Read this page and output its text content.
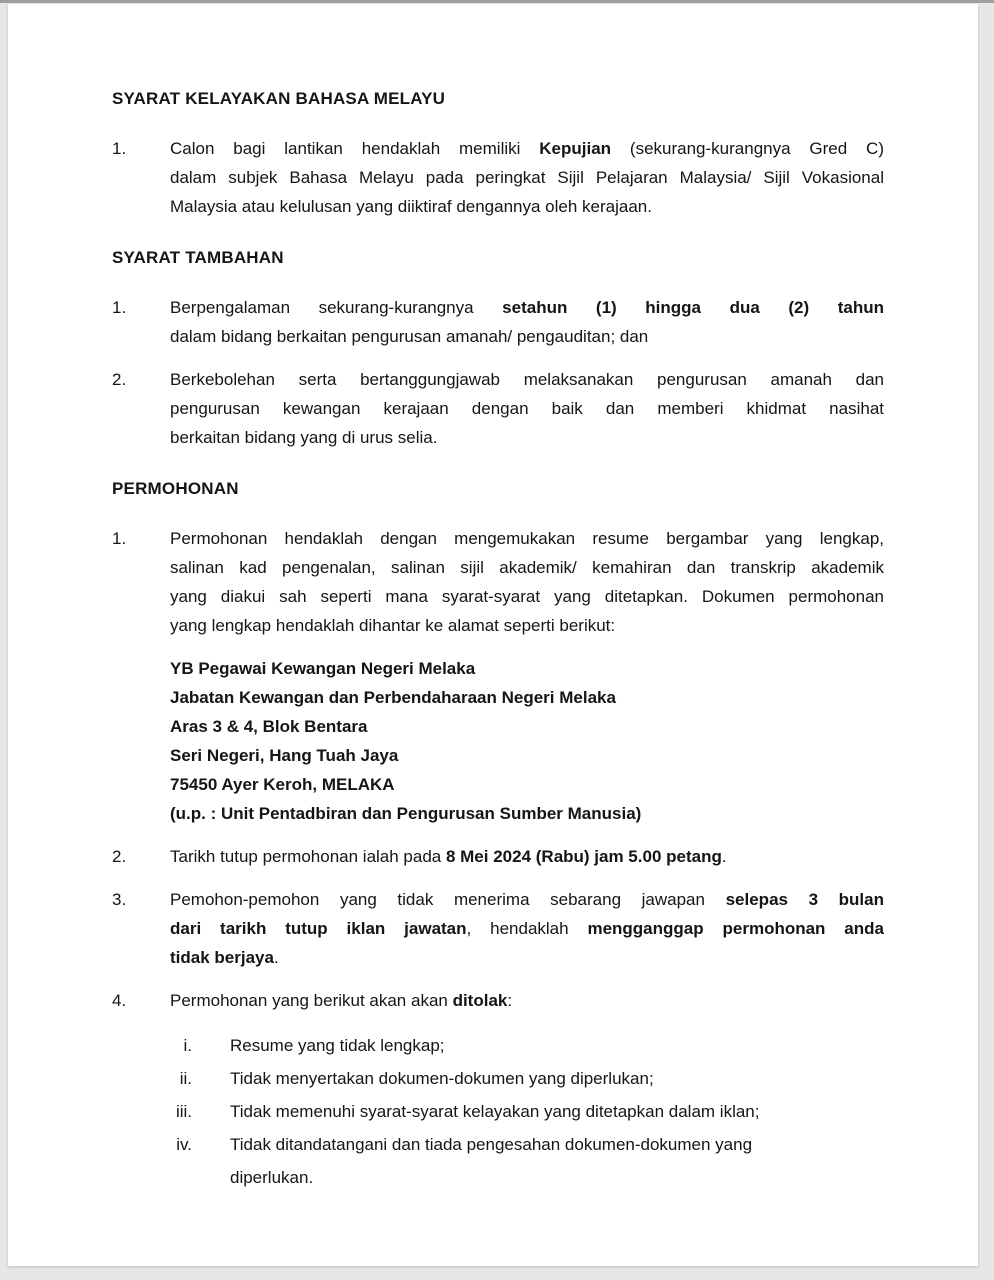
SYARAT KELAYAKAN BAHASA MELAYU
1.	Calon bagi lantikan hendaklah memiliki Kepujian (sekurang-kurangnya Gred C)
dalam subjek Bahasa Melayu pada peringkat Sijil Pelajaran Malaysia/ Sijil Vokasional
Malaysia atau kelulusan yang diiktiraf dengannya oleh kerajaan.
SYARAT TAMBAHAN
1.	Berpengalaman sekurang-kurangnya setahun (1) hingga dua (2) tahun
dalam bidang berkaitan pengurusan amanah/ pengauditan; dan
2.	Berkebolehan serta bertanggungjawab melaksanakan pengurusan amanah dan
pengurusan kewangan kerajaan dengan baik dan memberi khidmat nasihat
berkaitan bidang yang di urus selia.
PERMOHONAN
1.	Permohonan hendaklah dengan mengemukakan resume bergambar yang lengkap,
salinan kad pengenalan, salinan sijil akademik/ kemahiran dan transkrip akademik
yang diakui sah seperti mana syarat-syarat yang ditetapkan. Dokumen permohonan
yang lengkap hendaklah dihantar ke alamat seperti berikut:
YB Pegawai Kewangan Negeri Melaka
Jabatan Kewangan dan Perbendaharaan Negeri Melaka
Aras 3 & 4, Blok Bentara
Seri Negeri, Hang Tuah Jaya
75450 Ayer Keroh, MELAKA
(u.p. : Unit Pentadbiran dan Pengurusan Sumber Manusia)
2.	Tarikh tutup permohonan ialah pada 8 Mei 2024 (Rabu) jam 5.00 petang.
3.	Pemohon-pemohon yang tidak menerima sebarang jawapan selepas 3 bulan
dari tarikh tutup iklan jawatan, hendaklah mengganggap permohonan anda
tidak berjaya.
4.	Permohonan yang berikut akan akan ditolak:
i. Resume yang tidak lengkap;
ii. Tidak menyertakan dokumen-dokumen yang diperlukan;
iii. Tidak memenuhi syarat-syarat kelayakan yang ditetapkan dalam iklan;
iv. Tidak ditandatangani dan tiada pengesahan dokumen-dokumen yang
diperlukan.
